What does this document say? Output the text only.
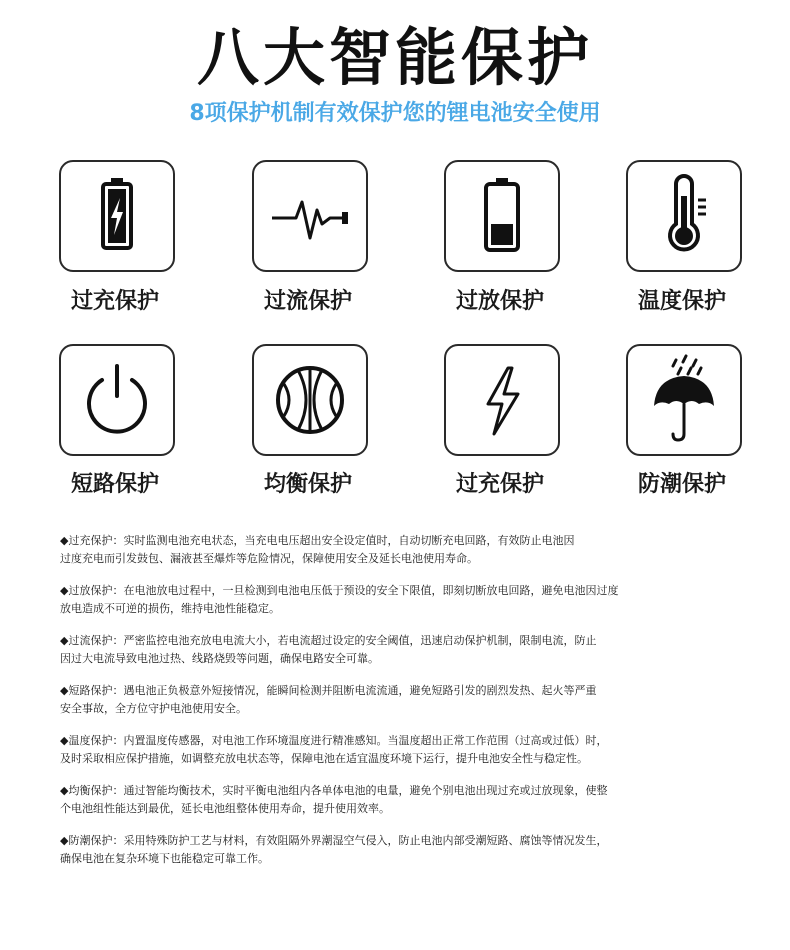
八大智能保护
8项保护机制有效保护您的锂电池安全使用
过充保护	过流保护	过放保护	温度保护
短路保护	均衡保护	过充保护	防潮保护

◆过充保护：实时监测电池充电状态，当充电电压超出安全设定值时，自动切断充电回路，有效防止电池因

过度充电而引发鼓包、漏液甚至爆炸等危险情况，保障使用安全及延长电池使用寿命。

◆过放保护：在电池放电过程中，一旦检测到电池电压低于预设的安全下限值，即刻切断放电回路，避免电池因过度

放电造成不可逆的损伤，维持电池性能稳定。

◆过流保护：严密监控电池充放电电流大小，若电流超过设定的安全阈值，迅速启动保护机制，限制电流，防止

因过大电流导致电池过热、线路烧毁等问题，确保电路安全可靠。

◆短路保护：遇电池正负极意外短接情况，能瞬间检测并阻断电流流通，避免短路引发的剧烈发热、起火等严重

安全事故，全方位守护电池使用安全。

◆温度保护：内置温度传感器，对电池工作环境温度进行精准感知。当温度超出正常工作范围（过高或过低）时，

及时采取相应保护措施，如调整充放电状态等，保障电池在适宜温度环境下运行，提升电池安全性与稳定性。

◆均衡保护：通过智能均衡技术，实时平衡电池组内各单体电池的电量，避免个别电池出现过充或过放现象，使整

个电池组性能达到最优，延长电池组整体使用寿命，提升使用效率。

◆防潮保护：采用特殊防护工艺与材料，有效阻隔外界潮湿空气侵入，防止电池内部受潮短路、腐蚀等情况发生，

确保电池在复杂环境下也能稳定可靠工作。
